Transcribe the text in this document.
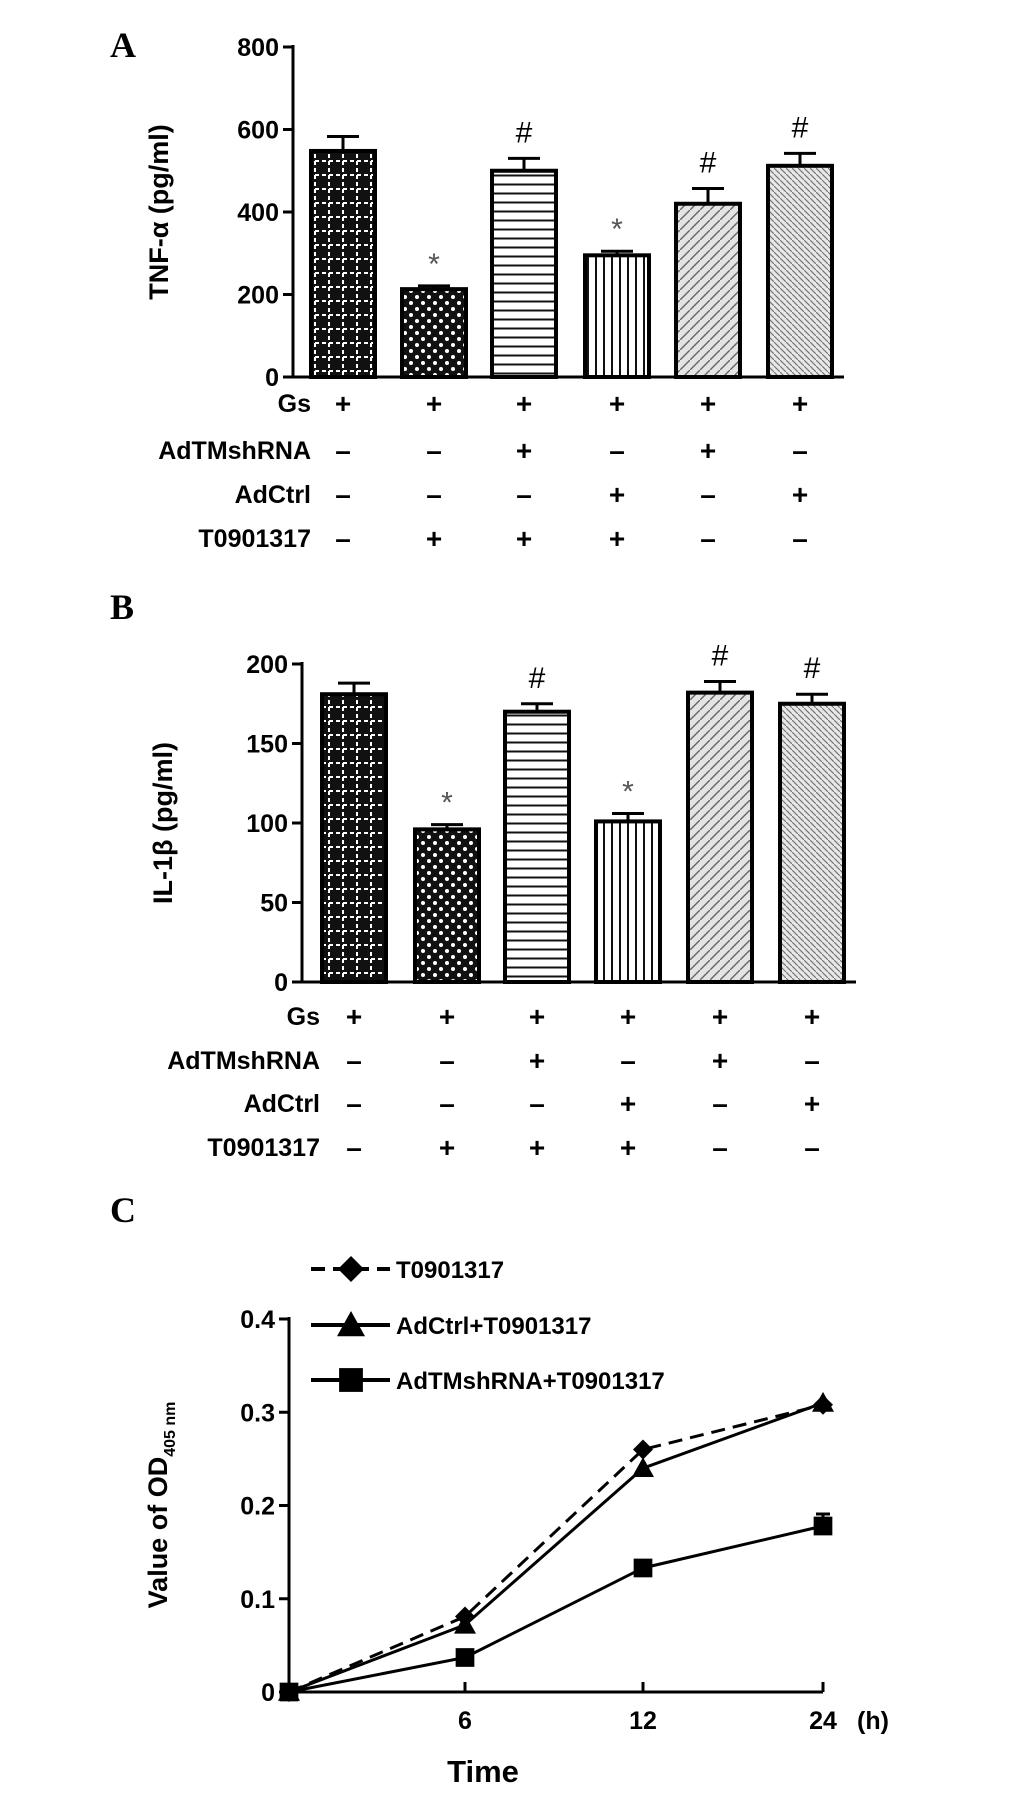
A
B
C
0
200
400
600
800
TNF-α (pg/ml)	*
#
*
#
#
Gs +	+	+	+	+	+
AdTMshRNA –	–	+	–	+	–
AdCtrl –	–	–	+	–	+
T0901317 –	+	+	+	–	–
0
50
100
150
200
IL-1β (pg/ml)	*
#
*
#	#
Gs +	+	+	+	+	+
AdTMshRNA –	–	+	–	+	–
AdCtrl –	–	–	+	–	+
T0901317 –	+	+	+	–	–
0
0.1
0.2
0.3
0.4
6	12	24 (h)
Time
Value of $OD_{405 nm}$
T0901317
AdCtrl+T0901317
AdTMshRNA+T0901317
